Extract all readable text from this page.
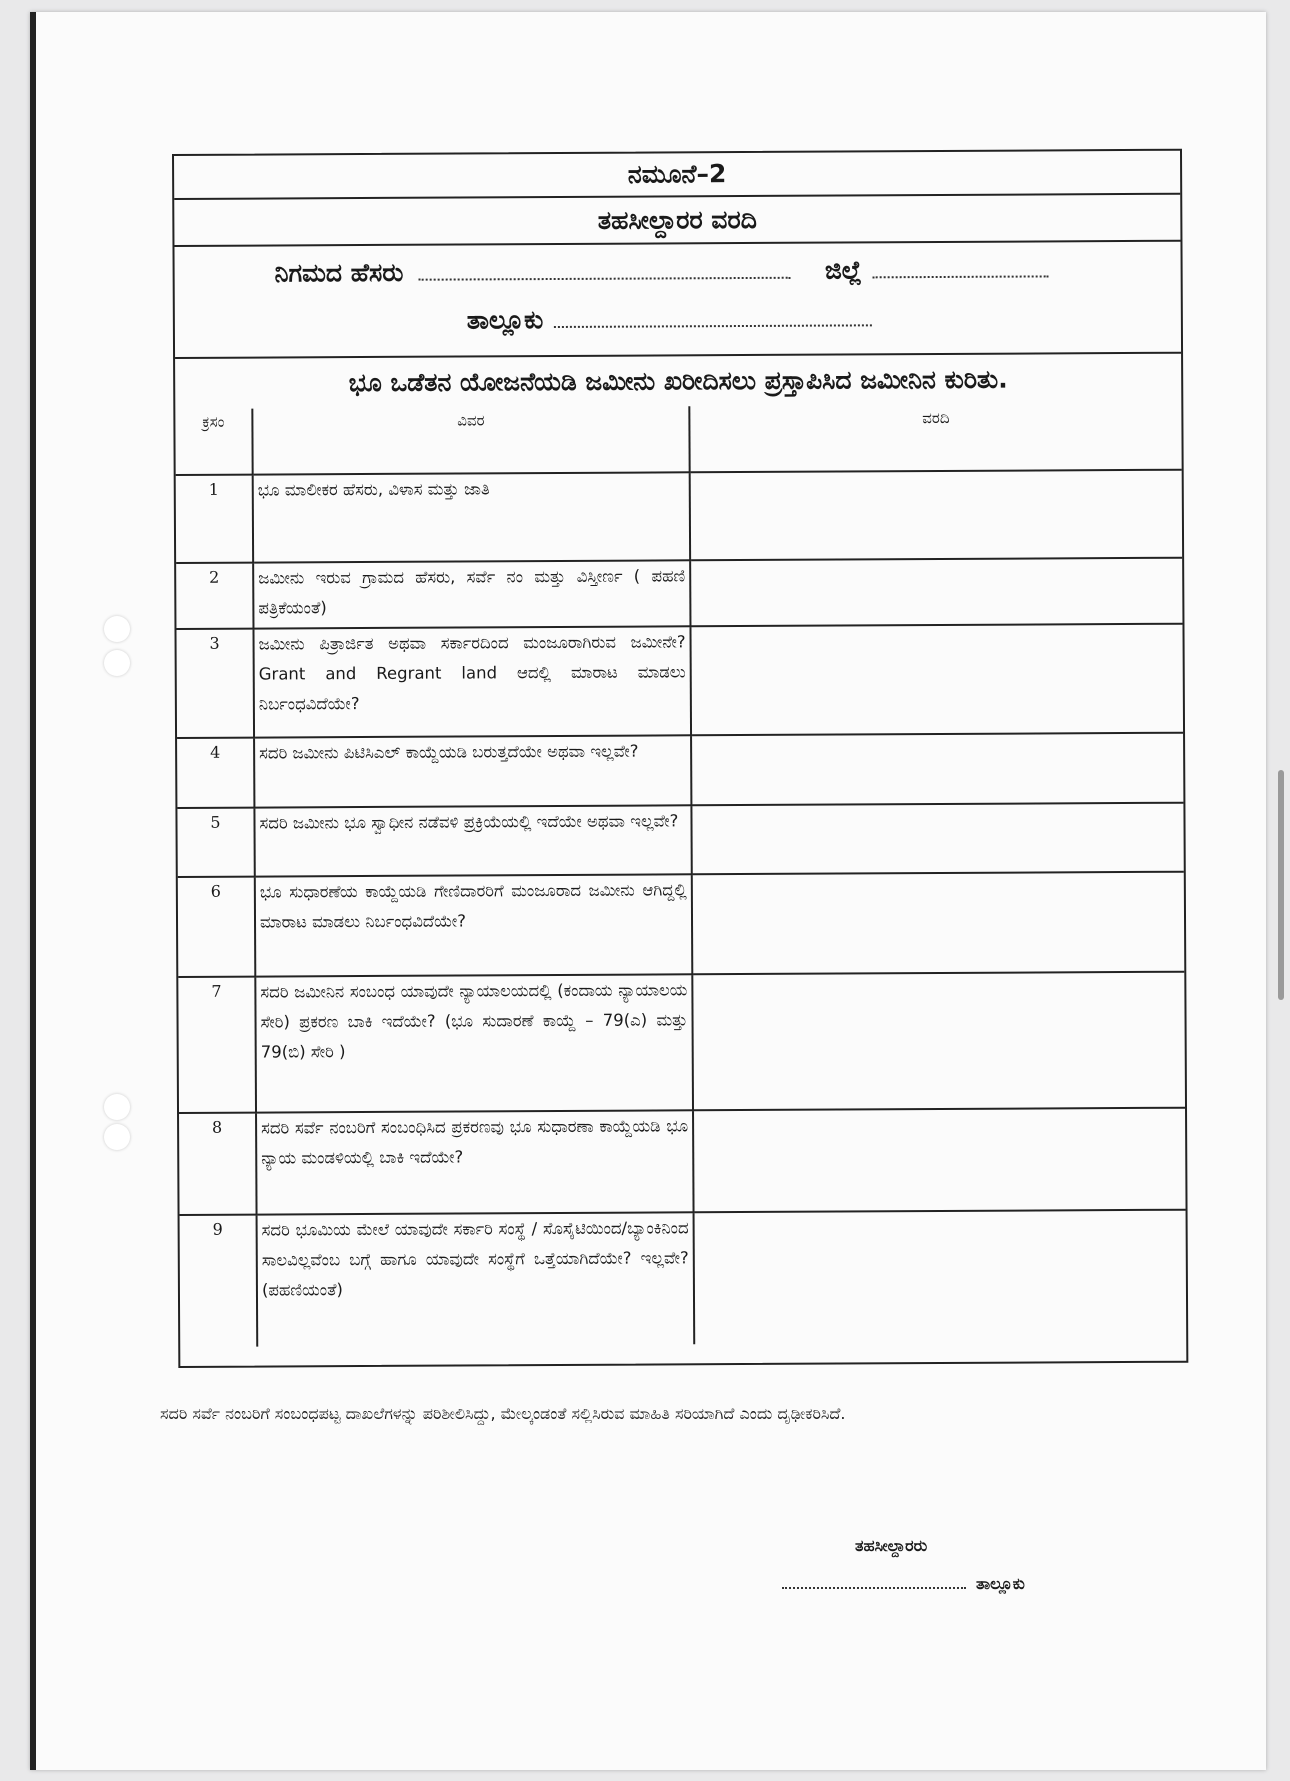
ನಮೂನೆ–2
ತಹಸೀಲ್ದಾರರ ವರದಿ
ನಿಗಮದ ಹೆಸರು	ಜಿಲ್ಲೆ
ತಾಲ್ಲೂಕು
ಭೂ ಒಡೆತನ ಯೋಜನೆಯಡಿ ಜಮೀನು ಖರೀದಿಸಲು ಪ್ರಸ್ತಾಪಿಸಿದ ಜಮೀನಿನ ಕುರಿತು.
ಕ್ರಸಂ	ವಿವರ	ವರದಿ
1	ಭೂ ಮಾಲೀಕರ ಹೆಸರು, ವಿಳಾಸ ಮತ್ತು ಜಾತಿ	
2	ಜಮೀನು ಇರುವ ಗ್ರಾಮದ ಹೆಸರು, ಸರ್ವೆ ನಂ ಮತ್ತು ವಿಸ್ತೀರ್ಣ ( ಪಹಣಿ ಪತ್ರಿಕೆಯಂತೆ)	
3	ಜಮೀನು ಪಿತ್ರಾರ್ಜಿತ ಅಥವಾ ಸರ್ಕಾರದಿಂದ ಮಂಜೂರಾಗಿರುವ ಜಮೀನೇ? Grant and Regrant land ಆದಲ್ಲಿ ಮಾರಾಟ ಮಾಡಲು ನಿರ್ಬಂಧವಿದೆಯೇ?	
4	ಸದರಿ ಜಮೀನು ಪಿಟಿಸಿಎಲ್ ಕಾಯ್ದೆಯಡಿ ಬರುತ್ತದೆಯೇ ಅಥವಾ ಇಲ್ಲವೇ?	
5	ಸದರಿ ಜಮೀನು ಭೂ ಸ್ವಾಧೀನ ನಡೆವಳಿ ಪ್ರಕ್ರಿಯೆಯಲ್ಲಿ ಇದೆಯೇ ಅಥವಾ ಇಲ್ಲವೇ?	
6	ಭೂ ಸುಧಾರಣೆಯ ಕಾಯ್ದೆಯಡಿ ಗೇಣಿದಾರರಿಗೆ ಮಂಜೂರಾದ ಜಮೀನು ಆಗಿದ್ದಲ್ಲಿ ಮಾರಾಟ ಮಾಡಲು ನಿರ್ಬಂಧವಿದೆಯೇ?	
7	ಸದರಿ ಜಮೀನಿನ ಸಂಬಂಧ ಯಾವುದೇ ನ್ಯಾಯಾಲಯದಲ್ಲಿ (ಕಂದಾಯ ನ್ಯಾಯಾಲಯ ಸೇರಿ) ಪ್ರಕರಣ ಬಾಕಿ ಇದೆಯೇ? (ಭೂ ಸುದಾರಣೆ ಕಾಯ್ದೆ – 79(ಎ) ಮತ್ತು 79(ಬಿ) ಸೇರಿ )	
8	ಸದರಿ ಸರ್ವೆ ನಂಬರಿಗೆ ಸಂಬಂಧಿಸಿದ ಪ್ರಕರಣವು ಭೂ ಸುಧಾರಣಾ ಕಾಯ್ದೆಯಡಿ ಭೂ ನ್ಯಾಯ ಮಂಡಳಿಯಲ್ಲಿ ಬಾಕಿ ಇದೆಯೇ?	
9	ಸದರಿ ಭೂಮಿಯ ಮೇಲೆ ಯಾವುದೇ ಸರ್ಕಾರಿ ಸಂಸ್ಥೆ / ಸೊಸೈಟಿಯಿಂದ/ಬ್ಯಾಂಕಿನಿಂದ ಸಾಲವಿಲ್ಲವೆಂಬ ಬಗ್ಗೆ ಹಾಗೂ ಯಾವುದೇ ಸಂಸ್ಥೆಗೆ ಒತ್ತೆಯಾಗಿದೆಯೇ? ಇಲ್ಲವೇ? (ಪಹಣಿಯಂತೆ)	
ಸದರಿ ಸರ್ವೆ ನಂಬರಿಗೆ ಸಂಬಂಧಪಟ್ಟ ದಾಖಲೆಗಳನ್ನು ಪರಿಶೀಲಿಸಿದ್ದು, ಮೇಲ್ಕಂಡಂತೆ ಸಲ್ಲಿಸಿರುವ ಮಾಹಿತಿ ಸರಿಯಾಗಿದೆ ಎಂದು ದೃಢೀಕರಿಸಿದೆ.
ತಹಸೀಲ್ದಾರರು
ತಾಲ್ಲೂಕು
